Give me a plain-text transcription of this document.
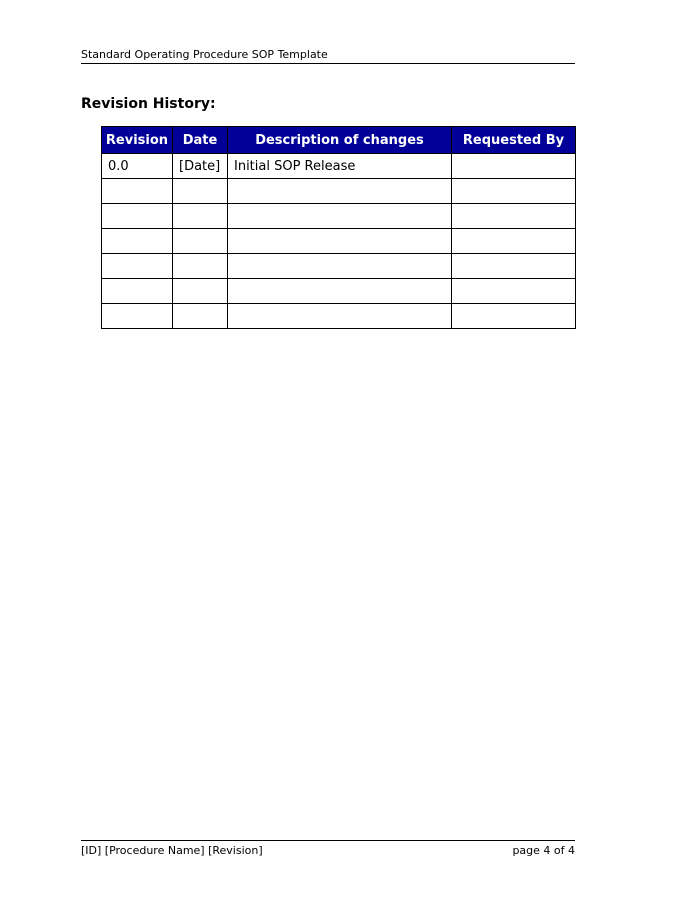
Standard Operating Procedure SOP Template
Revision History:
Revision	Date	Description of changes	Requested By
0.0	[Date]	Initial SOP Release	

[ID] [Procedure Name] [Revision]	page 4 of 4
